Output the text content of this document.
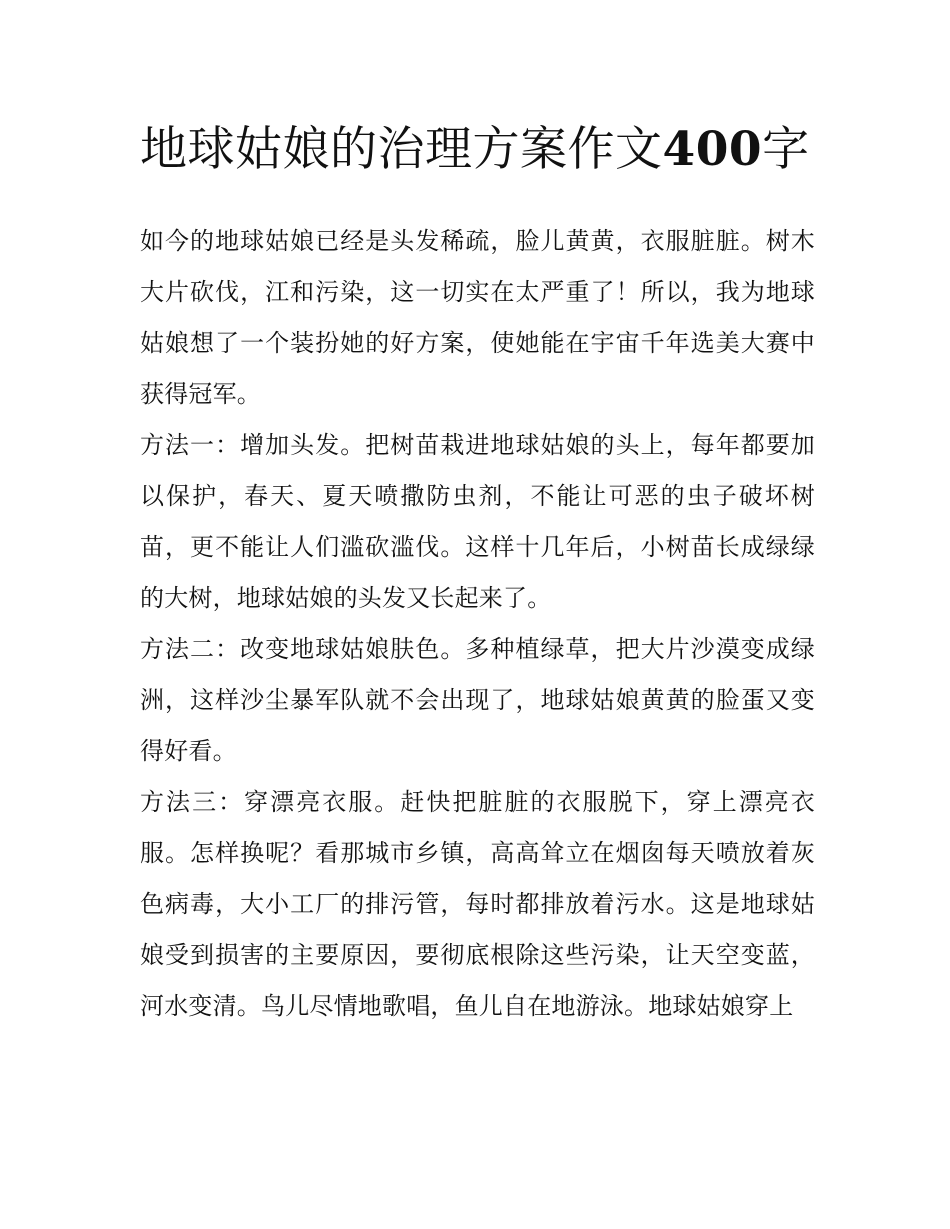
地球姑娘的治理方案作文400字

如今的地球姑娘已经是头发稀疏，脸儿黄黄，衣服脏脏。树木大片砍伐，江和污染，这一切实在太严重了！所以，我为地球姑娘想了一个装扮她的好方案，使她能在宇宙千年选美大赛中获得冠军。

方法一：增加头发。把树苗栽进地球姑娘的头上，每年都要加以保护，春天、夏天喷撒防虫剂，不能让可恶的虫子破坏树苗，更不能让人们滥砍滥伐。这样十几年后，小树苗长成绿绿的大树，地球姑娘的头发又长起来了。

方法二：改变地球姑娘肤色。多种植绿草，把大片沙漠变成绿洲，这样沙尘暴军队就不会出现了，地球姑娘黄黄的脸蛋又变得好看。

方法三：穿漂亮衣服。赶快把脏脏的衣服脱下，穿上漂亮衣服。怎样换呢？看那城市乡镇，高高耸立在烟囱每天喷放着灰色病毒，大小工厂的排污管，每时都排放着污水。这是地球姑娘受到损害的主要原因，要彻底根除这些污染，让天空变蓝，河水变清。鸟儿尽情地歌唱，鱼儿自在地游泳。地球姑娘穿上
